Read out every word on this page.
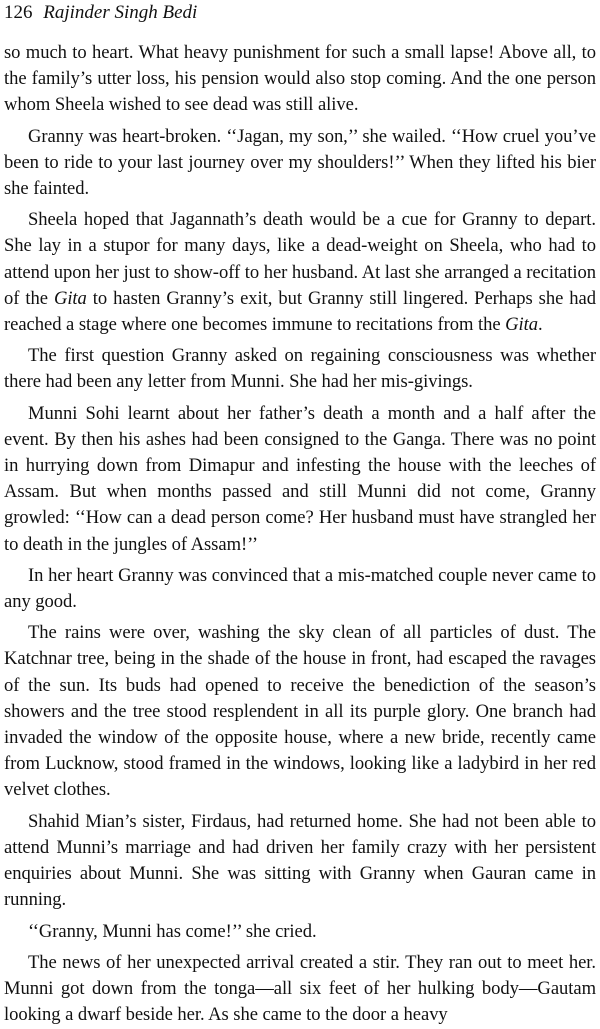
126 Rajinder Singh Bedi

so much to heart. What heavy punishment for such a small lapse! Above all, to the family’s utter loss, his pension would also stop coming. And the one person whom Sheela wished to see dead was still alive.

Granny was heart-broken. ‘‘Jagan, my son,’’ she wailed. ‘‘How cruel you’ve been to ride to your last journey over my shoulders!’’ When they lifted his bier she fainted.

Sheela hoped that Jagannath’s death would be a cue for Granny to depart. She lay in a stupor for many days, like a dead-weight on Sheela, who had to attend upon her just to show-off to her husband. At last she arranged a recitation of the Gita to hasten Granny’s exit, but Granny still lingered. Perhaps she had reached a stage where one becomes immune to recitations from the Gita.

The first question Granny asked on regaining consciousness was whether there had been any letter from Munni. She had her mis-givings.

Munni Sohi learnt about her father’s death a month and a half after the event. By then his ashes had been consigned to the Ganga. There was no point in hurrying down from Dimapur and infesting the house with the leeches of Assam. But when months passed and still Munni did not come, Granny growled: ‘‘How can a dead person come? Her husband must have strangled her to death in the jungles of Assam!’’

In her heart Granny was convinced that a mis-matched couple never came to any good.

The rains were over, washing the sky clean of all particles of dust. The Katchnar tree, being in the shade of the house in front, had escaped the ravages of the sun. Its buds had opened to receive the benediction of the season’s showers and the tree stood resplendent in all its purple glory. One branch had invaded the window of the opposite house, where a new bride, recently came from Lucknow, stood framed in the windows, looking like a ladybird in her red velvet clothes.

Shahid Mian’s sister, Firdaus, had returned home. She had not been able to attend Munni’s marriage and had driven her family crazy with her persistent enquiries about Munni. She was sitting with Granny when Gauran came in running.

‘‘Granny, Munni has come!’’ she cried.

The news of her unexpected arrival created a stir. They ran out to meet her. Munni got down from the tonga—all six feet of her hulking body—Gautam looking a dwarf beside her. As she came to the door a heavy
